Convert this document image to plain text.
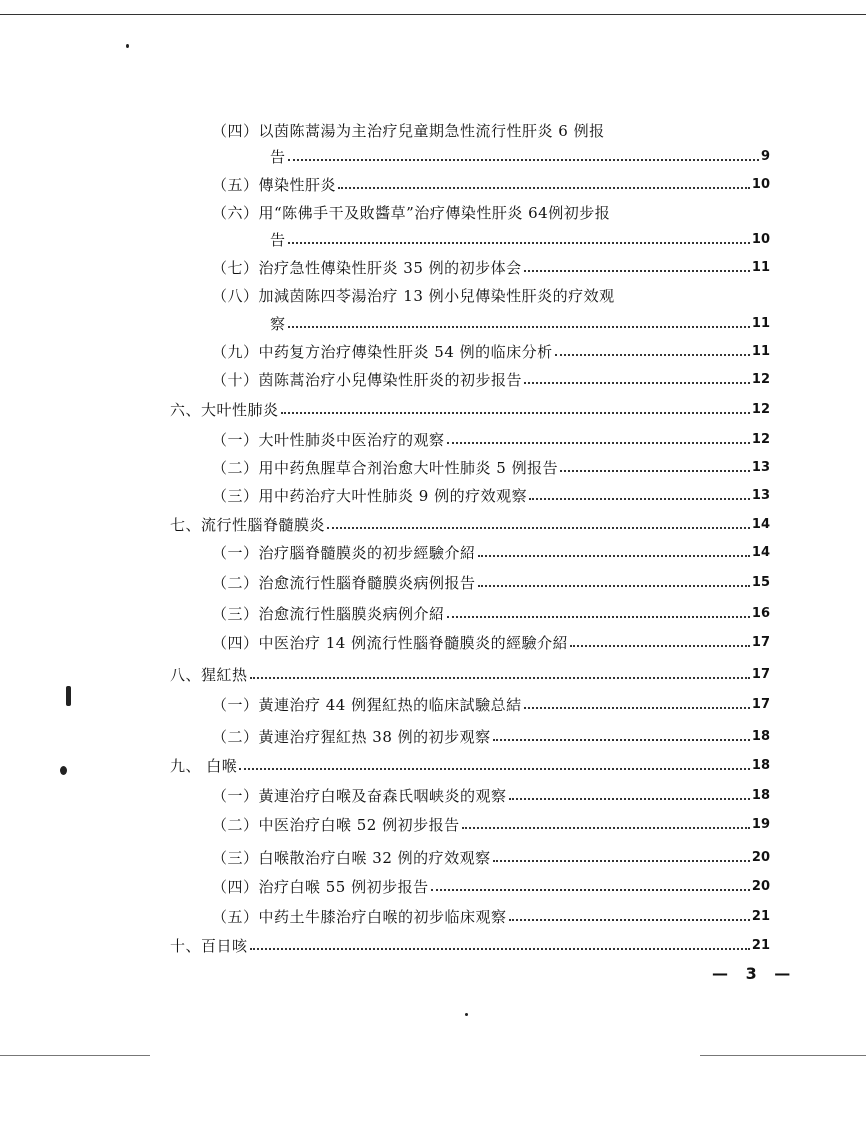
（四）以茵陈蒿湯为主治疗兒童期急性流行性肝炎 6 例报
告	9
（五）傳染性肝炎	10
（六）用“陈佛手干及敗醬草”治疗傳染性肝炎 64例初步报
告	10
（七）治疗急性傳染性肝炎 35 例的初步体会	11
（八）加減茵陈四苓湯治疗 13 例小兒傳染性肝炎的疗效观
察	11
（九）中药复方治疗傳染性肝炎 54 例的临床分析	11
（十）茵陈蒿治疗小兒傳染性肝炎的初步报告	12
六、大叶性肺炎	12
（一）大叶性肺炎中医治疗的观察	12
（二）用中药魚腥草合剂治愈大叶性肺炎 5 例报告	13
（三）用中药治疗大叶性肺炎 9 例的疗效观察	13
七、流行性腦脊髓膜炎	14
（一）治疗腦脊髓膜炎的初步經驗介紹	14
（二）治愈流行性腦脊髓膜炎病例报告	15
（三）治愈流行性腦膜炎病例介紹	16
（四）中医治疗 14 例流行性腦脊髓膜炎的經驗介紹	17
八、猩紅热	17
（一）黃連治疗 44 例猩紅热的临床試驗总結	17
（二）黃連治疗猩紅热 38 例的初步观察	18
九、 白喉	18
（一）黃連治疗白喉及奋森氏咽峡炎的观察	18
（二）中医治疗白喉 52 例初步报告	19
（三）白喉散治疗白喉 32 例的疗效观察	20
（四）治疗白喉 55 例初步报告	20
（五）中药土牛膝治疗白喉的初步临床观察	21
十、百日咳	21
— 3 —
